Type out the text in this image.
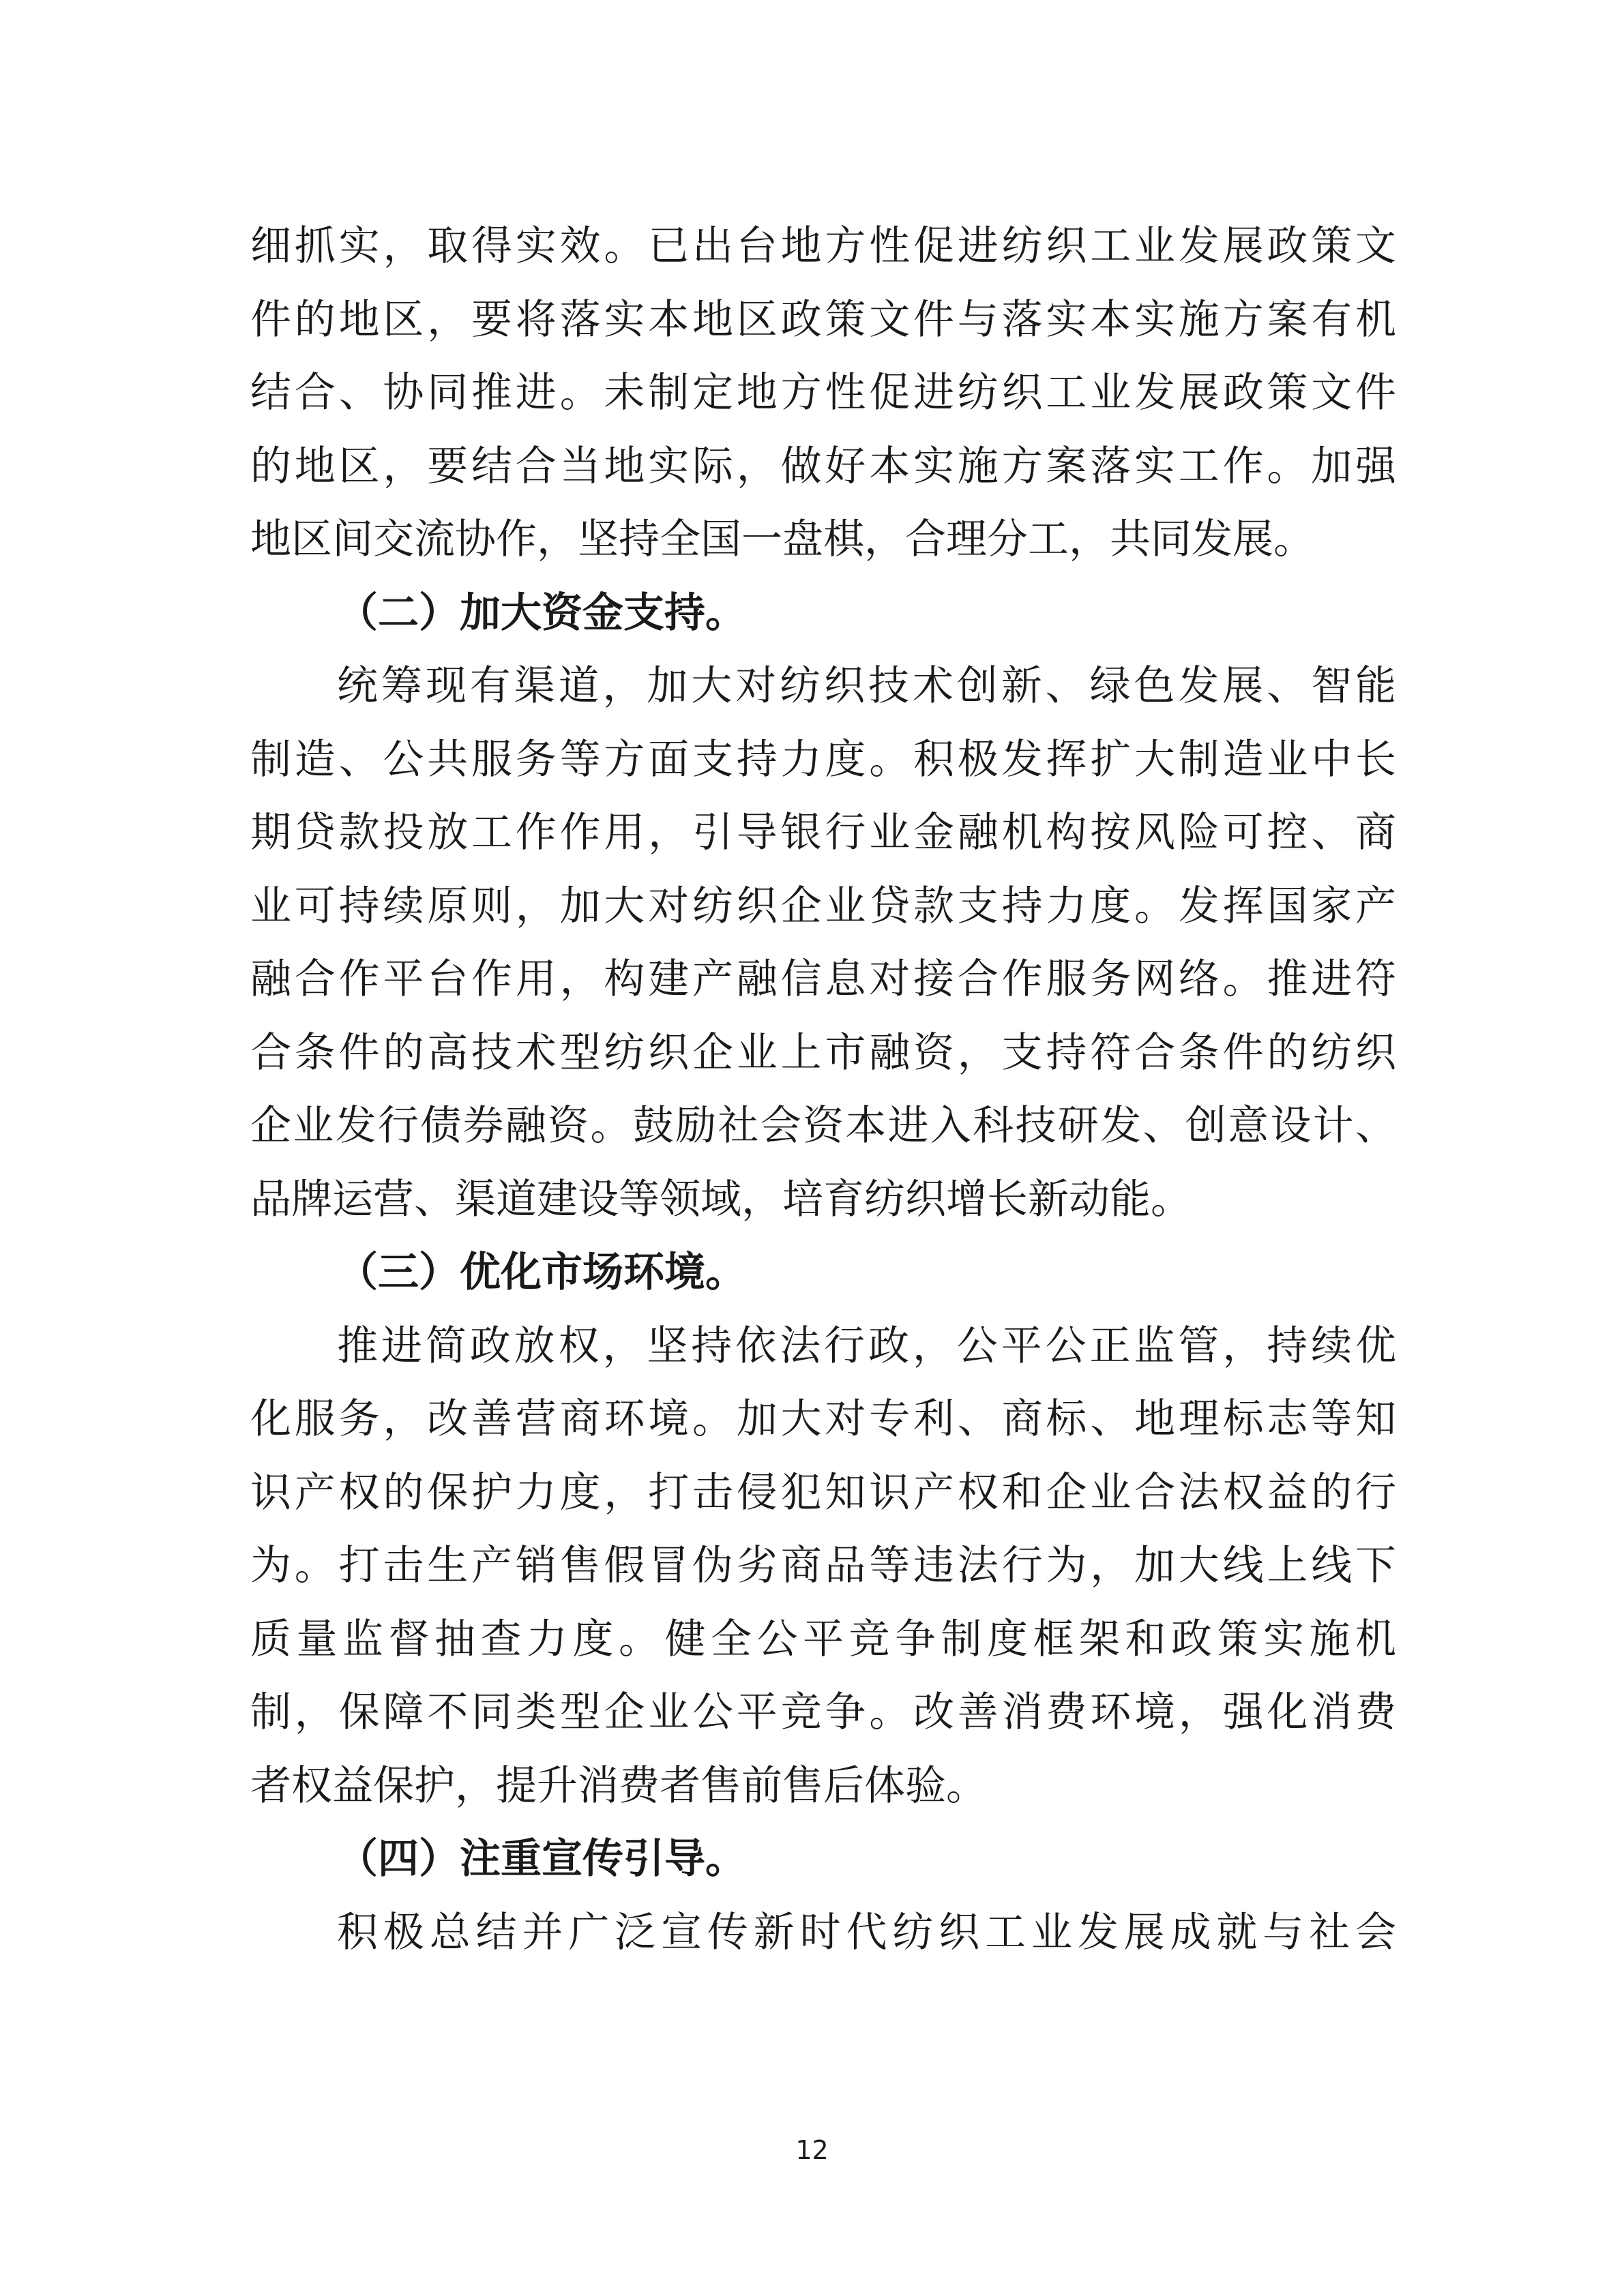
细抓实，取得实效。已出台地方性促进纺织工业发展政策文
件的地区，要将落实本地区政策文件与落实本实施方案有机
结合、协同推进。未制定地方性促进纺织工业发展政策文件
的地区，要结合当地实际，做好本实施方案落实工作。加强
地区间交流协作，坚持全国一盘棋，合理分工，共同发展。
（二）加大资金支持。
统筹现有渠道，加大对纺织技术创新、绿色发展、智能
制造、公共服务等方面支持力度。积极发挥扩大制造业中长
期贷款投放工作作用，引导银行业金融机构按风险可控、商
业可持续原则，加大对纺织企业贷款支持力度。发挥国家产
融合作平台作用，构建产融信息对接合作服务网络。推进符
合条件的高技术型纺织企业上市融资，支持符合条件的纺织
企业发行债券融资。鼓励社会资本进入科技研发、创意设计、
品牌运营、渠道建设等领域，培育纺织增长新动能。
（三）优化市场环境。
推进简政放权，坚持依法行政，公平公正监管，持续优
化服务，改善营商环境。加大对专利、商标、地理标志等知
识产权的保护力度，打击侵犯知识产权和企业合法权益的行
为。打击生产销售假冒伪劣商品等违法行为，加大线上线下
质量监督抽查力度。健全公平竞争制度框架和政策实施机
制，保障不同类型企业公平竞争。改善消费环境，强化消费
者权益保护，提升消费者售前售后体验。
（四）注重宣传引导。
积极总结并广泛宣传新时代纺织工业发展成就与社会
12
